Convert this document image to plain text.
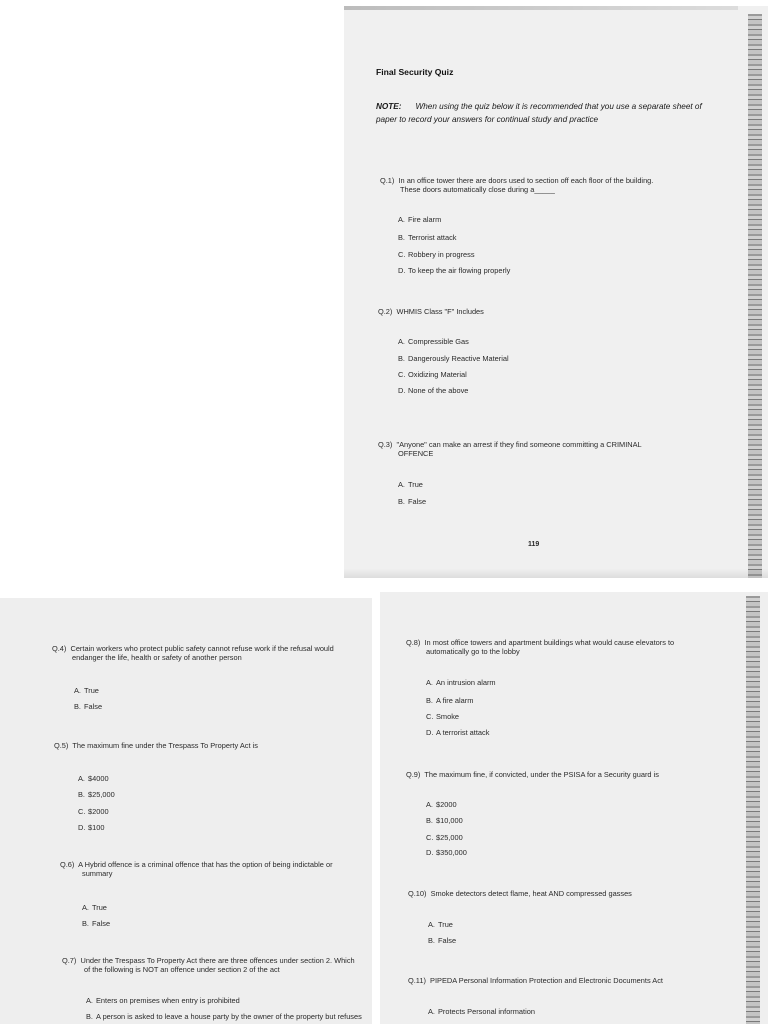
Final Security Quiz
NOTE: When using the quiz below it is recommended that you use a separate sheet of paper to record your answers for continual study and practice
Q.1) In an office tower there are doors used to section off each floor of the building.
These doors automatically close during a_____
A. Fire alarm
B. Terrorist attack
C. Robbery in progress
D. To keep the air flowing properly
Q.2) WHMIS Class "F" Includes
A. Compressible Gas
B. Dangerously Reactive Material
C. Oxidizing Material
D. None of the above
Q.3) "Anyone" can make an arrest if they find someone committing a CRIMINAL
OFFENCE
A. True
B. False
119
Q.4) Certain workers who protect public safety cannot refuse work if the refusal would
endanger the life, health or safety of another person
A. True
B. False
Q.5) The maximum fine under the Trespass To Property Act is
A. $4000
B. $25,000
C. $2000
D. $100
Q.6) A Hybrid offence is a criminal offence that has the option of being indictable or
summary
A. True
B. False
Q.7) Under the Trespass To Property Act there are three offences under section 2. Which
of the following is NOT an offence under section 2 of the act
A. Enters on premises when entry is prohibited
B. A person is asked to leave a house party by the owner of the property but refuses
Q.8) In most office towers and apartment buildings what would cause elevators to
automatically go to the lobby
A. An intrusion alarm
B. A fire alarm
C. Smoke
D. A terrorist attack
Q.9) The maximum fine, if convicted, under the PSISA for a Security guard is
A. $2000
B. $10,000
C. $25,000
D. $350,000
Q.10) Smoke detectors detect flame, heat AND compressed gasses
A. True
B. False
Q.11) PIPEDA Personal Information Protection and Electronic Documents Act
A. Protects Personal information
